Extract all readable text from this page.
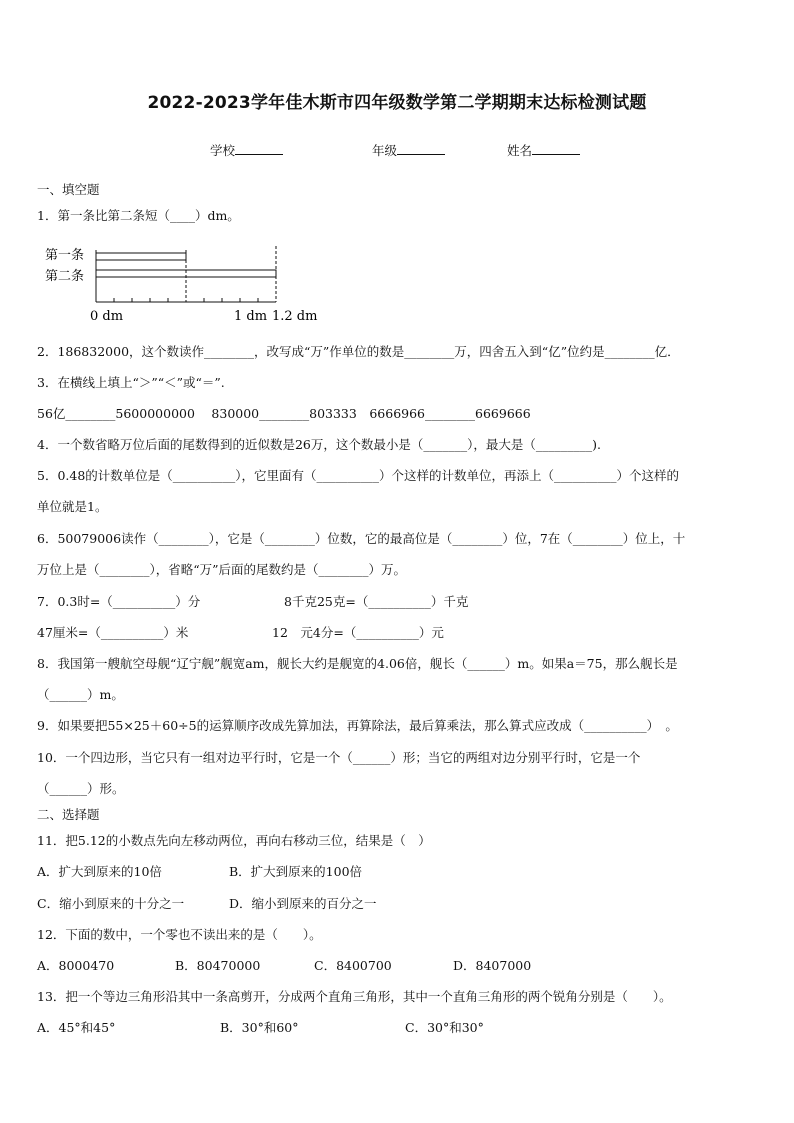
2022-2023学年佳木斯市四年级数学第二学期期末达标检测试题
学校	年级	姓名
一、填空题
1．第一条比第二条短（____）dm。
第一条
第二条
0 dm	1 dm 1.2 dm
2．186832000，这个数读作________，改写成“万”作单位的数是________万，四舍五入到“亿”位约是________亿．
3．在横线上填上“＞”“＜”或“＝”.
56亿________5600000000　 830000________803333　6666966________6669666
4．一个数省略万位后面的尾数得到的近似数是26万，这个数最小是（_______），最大是（_________).
5．0.48的计数单位是（__________），它里面有（__________）个这样的计数单位，再添上（__________）个这样的
单位就是1。
6．50079006读作（________），它是（________）位数，它的最高位是（________）位，7在（________）位上，十
万位上是（________），省略“万”后面的尾数约是（________）万。
7．0.3时=（__________）分	8千克25克=（__________）千克
47厘米=（__________）米	12　元4分=（__________）元
8．我国第一艘航空母舰“辽宁舰”舰宽am，舰长大约是舰宽的4.06倍，舰长（______）m。如果a＝75，那么舰长是
（______）m。
9．如果要把55×25＋60÷5的运算顺序改成先算加法，再算除法，最后算乘法，那么算式应改成（__________）　。
10．一个四边形，当它只有一组对边平行时，它是一个（______）形；当它的两组对边分别平行时，它是一个
（______）形。
二、选择题
11．把5.12的小数点先向左移动两位，再向右移动三位，结果是（　）
A．扩大到原来的10倍	B．扩大到原来的100倍
C．缩小到原来的十分之一	D．缩小到原来的百分之一
12．下面的数中，一个零也不读出来的是（　　）。
A．8000470	B．80470000	C．8400700	D．8407000
13．把一个等边三角形沿其中一条高剪开，分成两个直角三角形，其中一个直角三角形的两个锐角分别是（　　）。
A．45°和45°	B．30°和60°	C．30°和30°
